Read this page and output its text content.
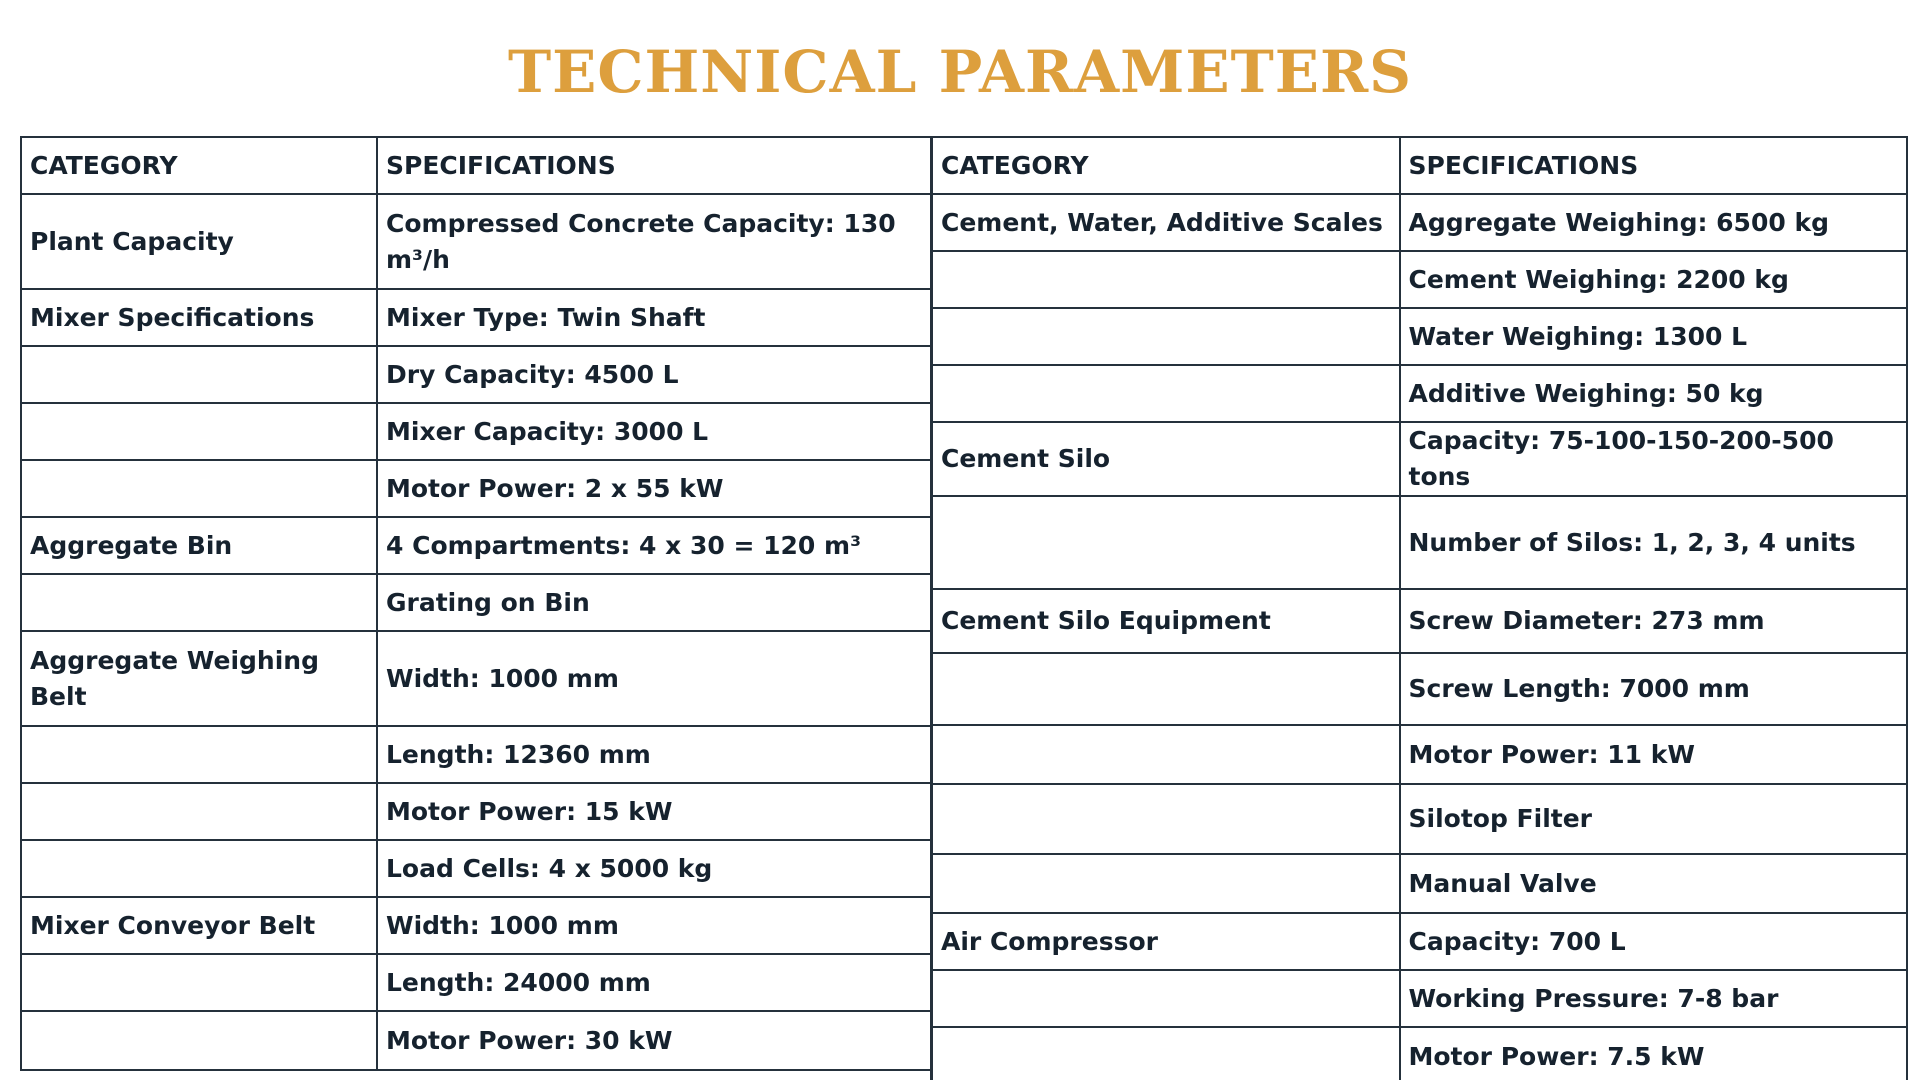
TECHNICAL PARAMETERS
CATEGORY	SPECIFICATIONS
Plant Capacity	Compressed Concrete Capacity: 130 m³/h
Mixer Specifications	Mixer Type: Twin Shaft
	Dry Capacity: 4500 L
	Mixer Capacity: 3000 L
	Motor Power: 2 x 55 kW
Aggregate Bin	4 Compartments: 4 x 30 = 120 m³
	Grating on Bin
Aggregate Weighing Belt	Width: 1000 mm
	Length: 12360 mm
	Motor Power: 15 kW
	Load Cells: 4 x 5000 kg
Mixer Conveyor Belt	Width: 1000 mm
	Length: 24000 mm
	Motor Power: 30 kW
CATEGORY	SPECIFICATIONS
Cement, Water, Additive Scales	Aggregate Weighing: 6500 kg
	Cement Weighing: 2200 kg
	Water Weighing: 1300 L
	Additive Weighing: 50 kg
Cement Silo	Capacity: 75-100-150-200-500 tons
	Number of Silos: 1, 2, 3, 4 units
Cement Silo Equipment	Screw Diameter: 273 mm
	Screw Length: 7000 mm
	Motor Power: 11 kW
	Silotop Filter
	Manual Valve
Air Compressor	Capacity: 700 L
	Working Pressure: 7-8 bar
	Motor Power: 7.5 kW
